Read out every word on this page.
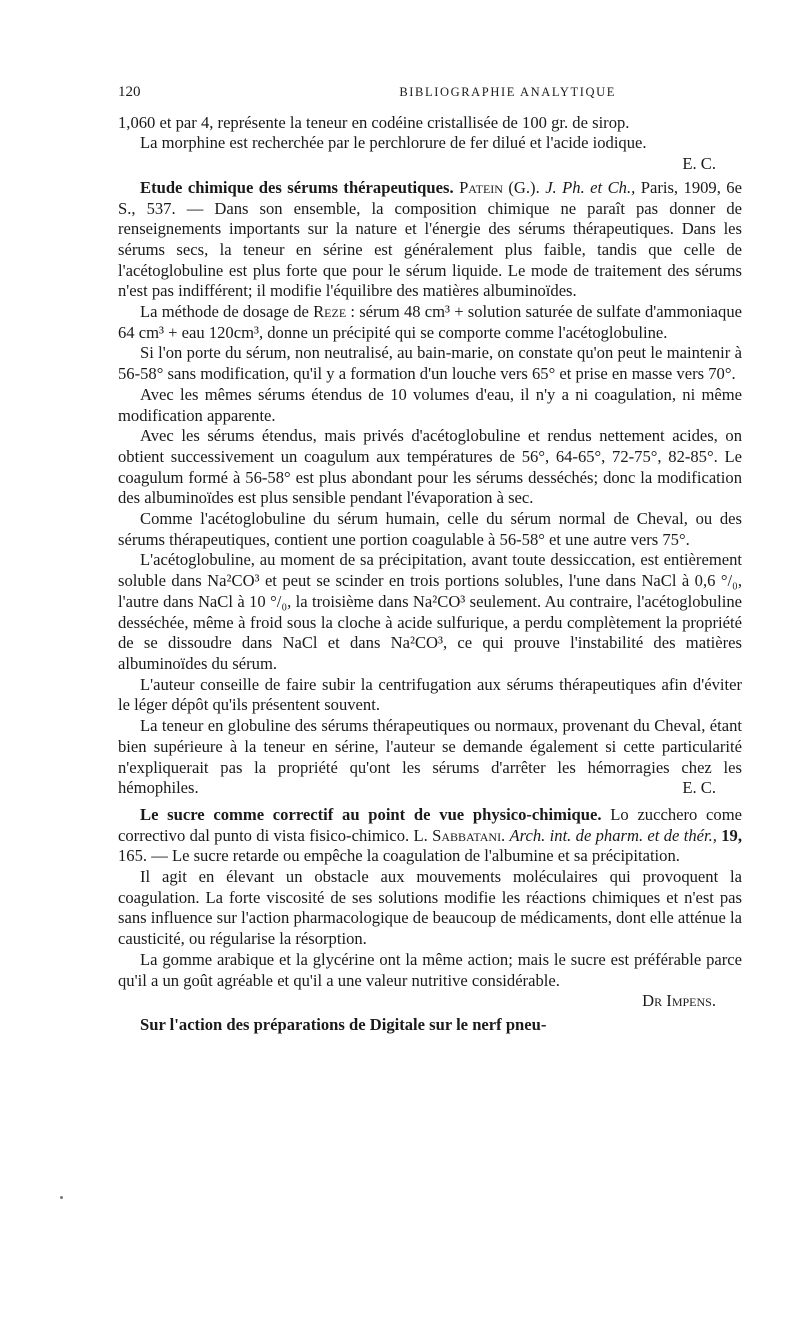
120	BIBLIOGRAPHIE ANALYTIQUE

1,060 et par 4, représente la teneur en codéine cristallisée de 100 gr. de sirop.

La morphine est recherchée par le perchlorure de fer dilué et l'acide iodique.

E. C.

Etude chimique des sérums thérapeutiques. Patein (G.). J. Ph. et Ch., Paris, 1909, 6e S., 537. — Dans son ensemble, la composition chimique ne paraît pas donner de renseignements importants sur la nature et l'énergie des sérums thérapeutiques. Dans les sérums secs, la teneur en sérine est généralement plus faible, tandis que celle de l'acétoglobuline est plus forte que pour le sérum liquide. Le mode de traitement des sérums n'est pas indifférent; il modifie l'équilibre des matières albuminoïdes.

La méthode de dosage de Reze : sérum 48 cm³ + solution saturée de sulfate d'ammoniaque 64 cm³ + eau 120cm³, donne un précipité qui se comporte comme l'acétoglobuline.

Si l'on porte du sérum, non neutralisé, au bain-marie, on constate qu'on peut le maintenir à 56-58° sans modification, qu'il y a formation d'un louche vers 65° et prise en masse vers 70°.

Avec les mêmes sérums étendus de 10 volumes d'eau, il n'y a ni coagulation, ni même modification apparente.

Avec les sérums étendus, mais privés d'acétoglobuline et rendus nettement acides, on obtient successivement un coagulum aux températures de 56°, 64-65°, 72-75°, 82-85°. Le coagulum formé à 56-58° est plus abondant pour les sérums desséchés; donc la modification des albuminoïdes est plus sensible pendant l'évaporation à sec.

Comme l'acétoglobuline du sérum humain, celle du sérum normal de Cheval, ou des sérums thérapeutiques, contient une portion coagulable à 56-58° et une autre vers 75°.

L'acétoglobuline, au moment de sa précipitation, avant toute dessiccation, est entièrement soluble dans Na²CO³ et peut se scinder en trois portions solubles, l'une dans NaCl à 0,6 °/₀, l'autre dans NaCl à 10 °/₀, la troisième dans Na²CO³ seulement. Au contraire, l'acétoglobuline desséchée, même à froid sous la cloche à acide sulfurique, a perdu complètement la propriété de se dissoudre dans NaCl et dans Na²CO³, ce qui prouve l'instabilité des matières albuminoïdes du sérum.

L'auteur conseille de faire subir la centrifugation aux sérums thérapeutiques afin d'éviter le léger dépôt qu'ils présentent souvent.

La teneur en globuline des sérums thérapeutiques ou normaux, provenant du Cheval, étant bien supérieure à la teneur en sérine, l'auteur se demande également si cette particularité n'expliquerait pas la propriété qu'ont les sérums d'arrêter les hémorragies chez les hémophiles.	E. C.

Le sucre comme correctif au point de vue physico-chimique. Lo zucchero come correctivo dal punto di vista fisico-chimico. L. Sabbatani. Arch. int. de pharm. et de thér., 19, 165. — Le sucre retarde ou empêche la coagulation de l'albumine et sa précipitation.

Il agit en élevant un obstacle aux mouvements moléculaires qui provoquent la coagulation. La forte viscosité de ses solutions modifie les réactions chimiques et n'est pas sans influence sur l'action pharmacologique de beaucoup de médicaments, dont elle atténue la causticité, ou régularise la résorption.

La gomme arabique et la glycérine ont la même action; mais le sucre est préférable parce qu'il a un goût agréable et qu'il a une valeur nutritive considérable.

Dr Impens.

Sur l'action des préparations de Digitale sur le nerf pneu-
